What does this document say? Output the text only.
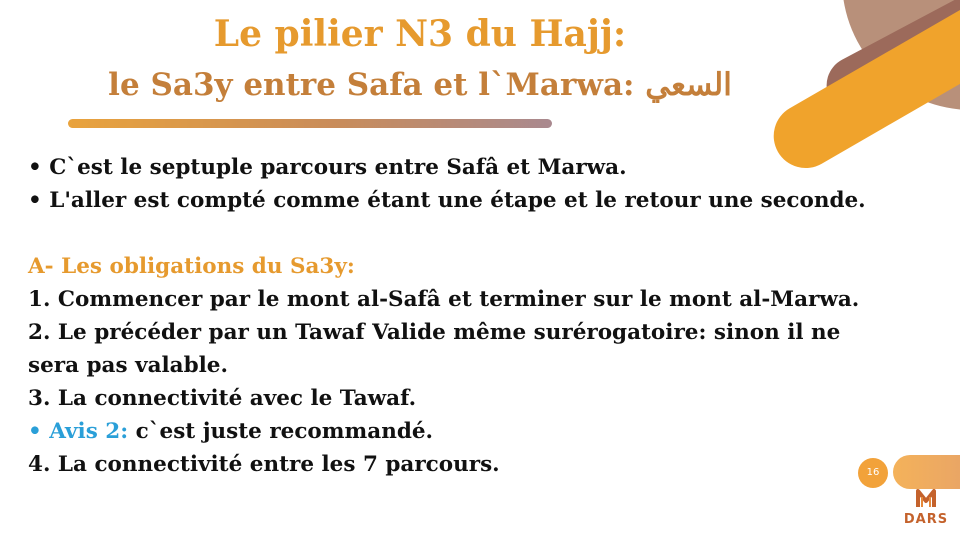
Le pilier N3 du Hajj:
le Sa3y entre Safa et l`Marwa: السعي
• C`est le septuple parcours entre Safâ et Marwa.
• L'aller est compté comme étant une étape et le retour une seconde.
A- Les obligations du Sa3y:
1. Commencer par le mont al-Safâ et terminer sur le mont al-Marwa.
2. Le précéder par un Tawaf Valide même surérogatoire: sinon il ne
sera pas valable.
3. La connectivité avec le Tawaf.
• Avis 2: c`est juste recommandé.
4. La connectivité entre les 7 parcours.	16
DARS
